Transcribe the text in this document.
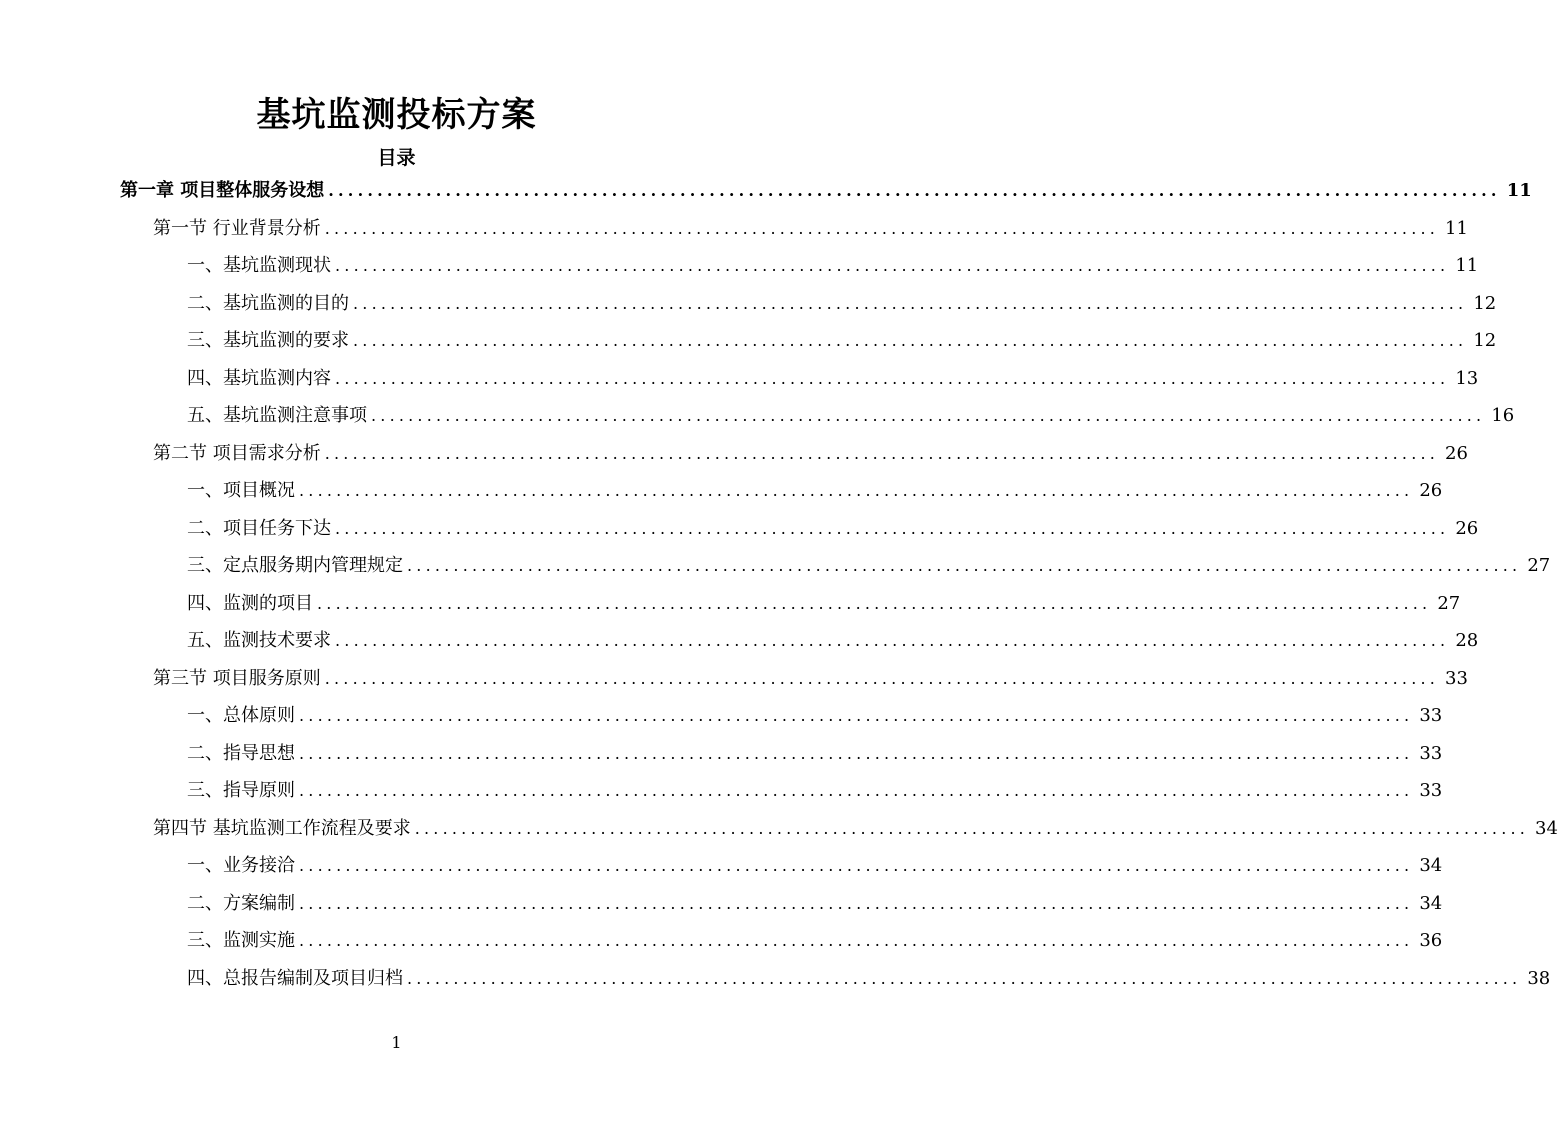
基坑监测投标方案
目录
第一章 项目整体服务设想 ........................................................................................................................ 11
第一节 行业背景分析 ........................................................................................................................ 11
一、基坑监测现状 ........................................................................................................................ 11
二、基坑监测的目的 ........................................................................................................................ 12
三、基坑监测的要求 ........................................................................................................................ 12
四、基坑监测内容 ........................................................................................................................ 13
五、基坑监测注意事项 ........................................................................................................................ 16
第二节 项目需求分析 ........................................................................................................................ 26
一、项目概况 ........................................................................................................................ 26
二、项目任务下达 ........................................................................................................................ 26
三、定点服务期内管理规定 ........................................................................................................................ 27
四、监测的项目 ........................................................................................................................ 27
五、监测技术要求 ........................................................................................................................ 28
第三节 项目服务原则 ........................................................................................................................ 33
一、总体原则 ........................................................................................................................ 33
二、指导思想 ........................................................................................................................ 33
三、指导原则 ........................................................................................................................ 33
第四节 基坑监测工作流程及要求 ........................................................................................................................ 34
一、业务接洽 ........................................................................................................................ 34
二、方案编制 ........................................................................................................................ 34
三、监测实施 ........................................................................................................................ 36
四、总报告编制及项目归档 ........................................................................................................................ 38
1
